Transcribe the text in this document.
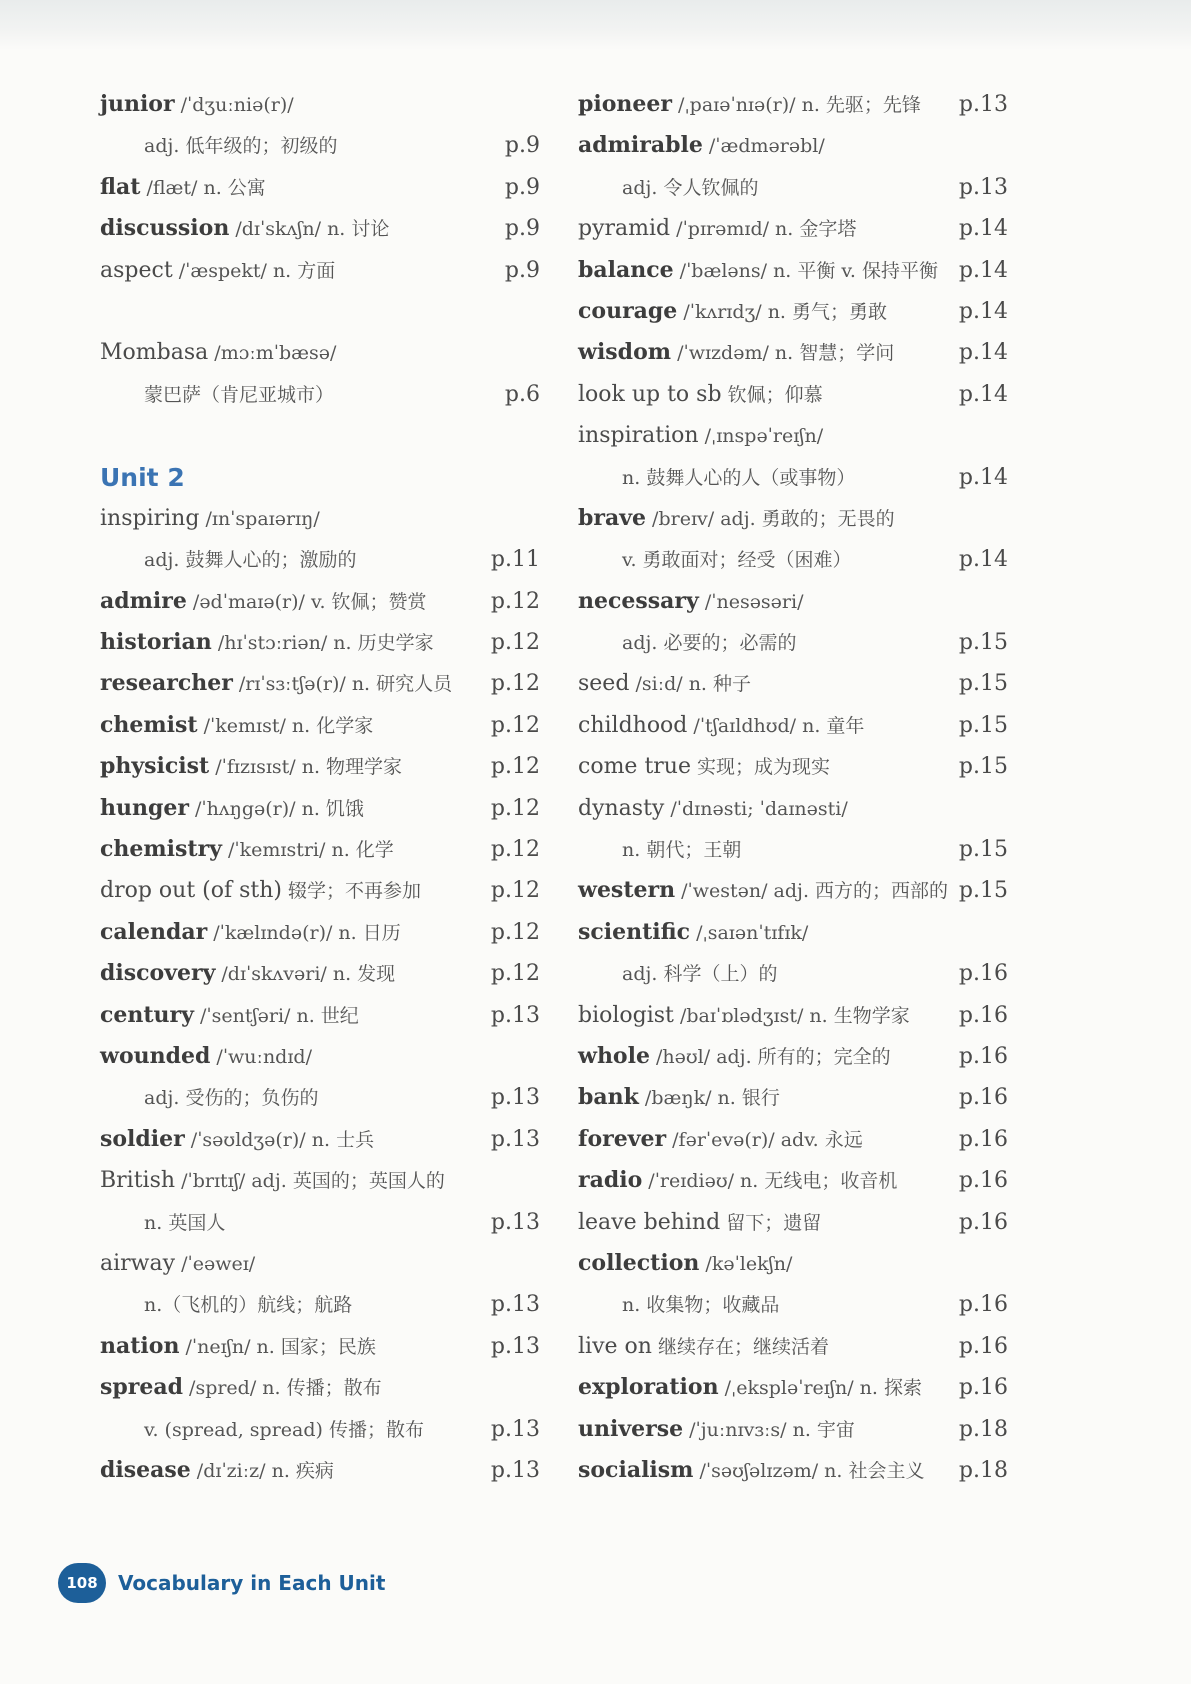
junior /ˈdʒuːniə(r)/
adj. 低年级的；初级的	p.9
flat /flæt/ n. 公寓	p.9
discussion /dɪˈskʌʃn/ n. 讨论	p.9
aspect /ˈæspekt/ n. 方面	p.9
Mombasa /mɔːmˈbæsə/
蒙巴萨（肯尼亚城市）	p.6
Unit 2
inspiring /ɪnˈspaɪərɪŋ/
adj. 鼓舞人心的；激励的	p.11
admire /ədˈmaɪə(r)/ v. 钦佩；赞赏	p.12
historian /hɪˈstɔːriən/ n. 历史学家	p.12
researcher /rɪˈsɜːtʃə(r)/ n. 研究人员 p.12
chemist /ˈkemɪst/ n. 化学家	p.12
physicist /ˈfɪzɪsɪst/ n. 物理学家	p.12
hunger /ˈhʌŋgə(r)/ n. 饥饿	p.12
chemistry /ˈkemɪstri/ n. 化学	p.12
drop out (of sth) 辍学；不再参加	p.12
calendar /ˈkælɪndə(r)/ n. 日历	p.12
discovery /dɪˈskʌvəri/ n. 发现	p.12
century /ˈsentʃəri/ n. 世纪	p.13
wounded /ˈwuːndɪd/
adj. 受伤的；负伤的	p.13
soldier /ˈsəʊldʒə(r)/ n. 士兵	p.13
British /ˈbrɪtɪʃ/ adj. 英国的；英国人的
n. 英国人	p.13
airway /ˈeəweɪ/
n.（飞机的）航线；航路	p.13
nation /ˈneɪʃn/ n. 国家；民族	p.13
spread /spred/ n. 传播；散布
v. (spread, spread) 传播；散布	p.13
disease /dɪˈziːz/ n. 疾病	p.13
pioneer /ˌpaɪəˈnɪə(r)/ n. 先驱；先锋 p.13
admirable /ˈædmərəbl/
adj. 令人钦佩的	p.13
pyramid /ˈpɪrəmɪd/ n. 金字塔	p.14
balance /ˈbæləns/ n. 平衡 v. 保持平衡 p.14
courage /ˈkʌrɪdʒ/ n. 勇气；勇敢	p.14
wisdom /ˈwɪzdəm/ n. 智慧；学问	p.14
look up to sb 钦佩；仰慕	p.14
inspiration /ˌɪnspəˈreɪʃn/
n. 鼓舞人心的人（或事物）	p.14
brave /breɪv/ adj. 勇敢的；无畏的
v. 勇敢面对；经受（困难）	p.14
necessary /ˈnesəsəri/
adj. 必要的；必需的	p.15
seed /siːd/ n. 种子	p.15
childhood /ˈtʃaɪldhʊd/ n. 童年	p.15
come true 实现；成为现实	p.15
dynasty /ˈdɪnəsti; ˈdaɪnəsti/
n. 朝代；王朝	p.15
western /ˈwestən/ adj. 西方的；西部的 p.15
scientific /ˌsaɪənˈtɪfɪk/
adj. 科学（上）的	p.16
biologist /baɪˈɒlədʒɪst/ n. 生物学家 p.16
whole /həʊl/ adj. 所有的；完全的	p.16
bank /bæŋk/ n. 银行	p.16
forever /fərˈevə(r)/ adv. 永远	p.16
radio /ˈreɪdiəʊ/ n. 无线电；收音机	p.16
leave behind 留下；遗留	p.16
collection /kəˈlekʃn/
n. 收集物；收藏品	p.16
live on 继续存在；继续活着	p.16
exploration /ˌekspləˈreɪʃn/ n. 探索 p.16
universe /ˈjuːnɪvɜːs/ n. 宇宙	p.18
socialism /ˈsəʊʃəlɪzəm/ n. 社会主义 p.18
108	Vocabulary in Each Unit
